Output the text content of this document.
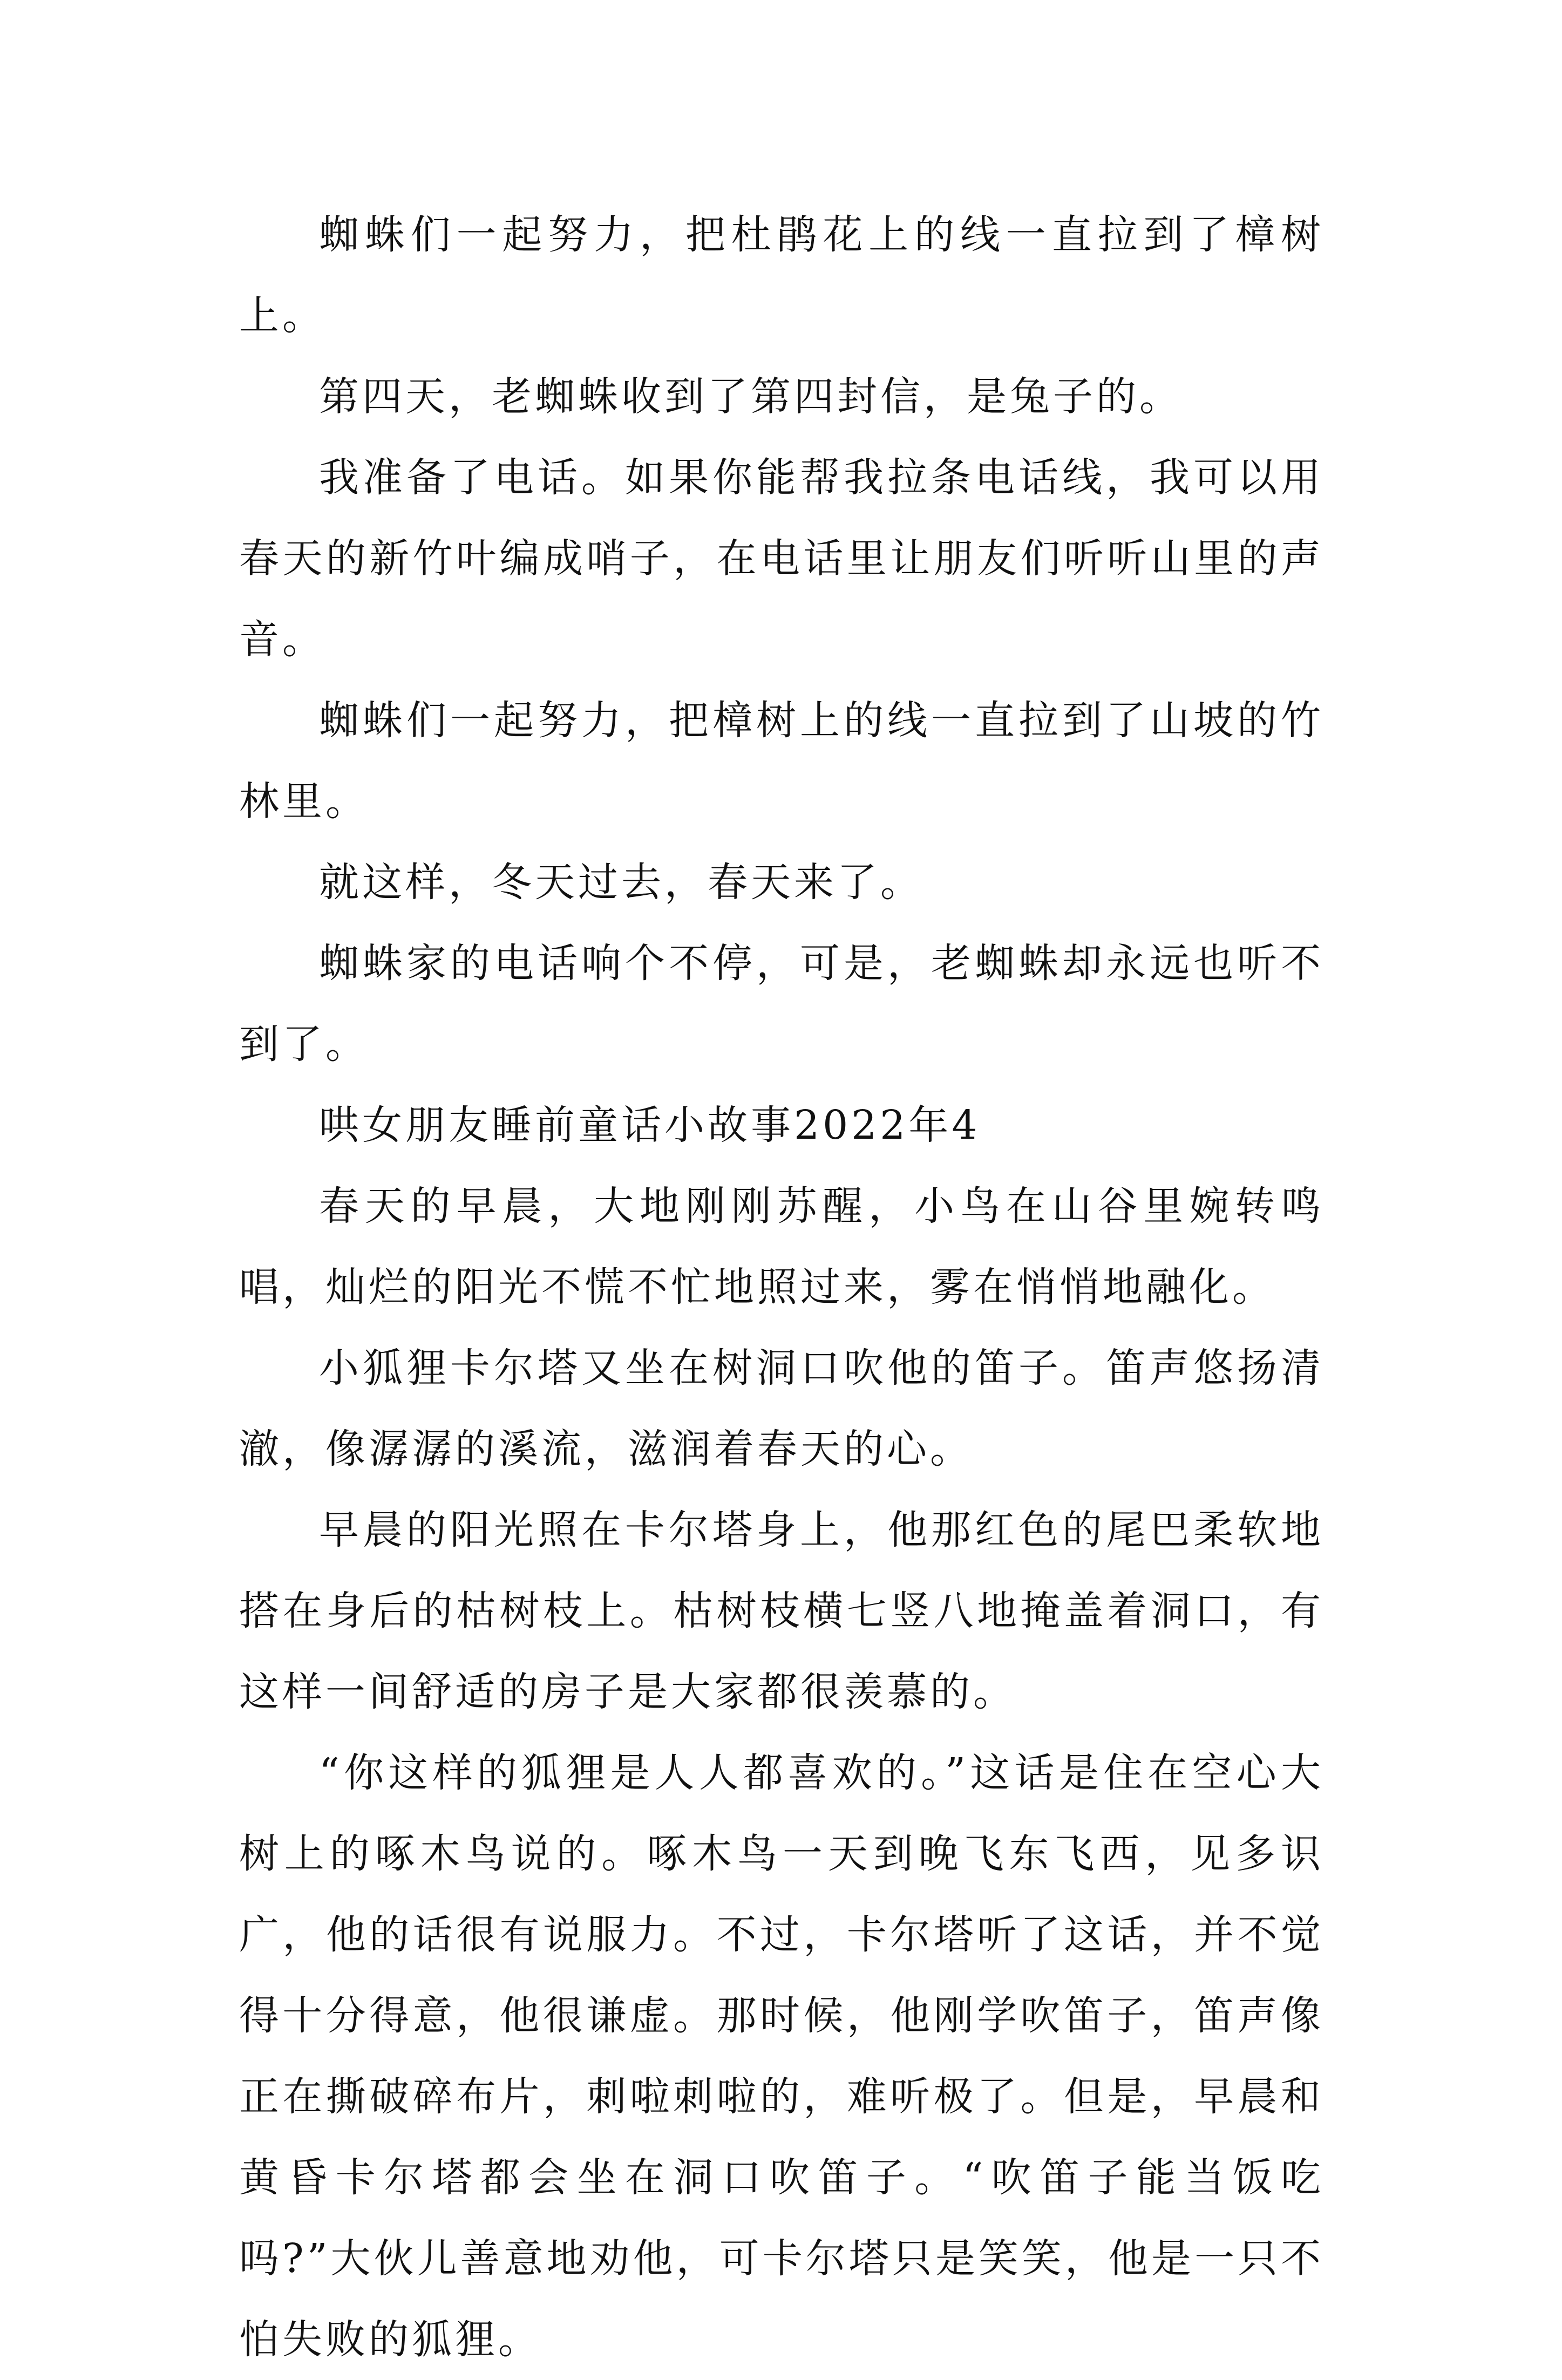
蜘蛛们一起努力，把杜鹃花上的线一直拉到了樟树上。

第四天，老蜘蛛收到了第四封信，是兔子的。

我准备了电话。如果你能帮我拉条电话线，我可以用春天的新竹叶编成哨子，在电话里让朋友们听听山里的声音。

蜘蛛们一起努力，把樟树上的线一直拉到了山坡的竹林里。

就这样，冬天过去，春天来了。

蜘蛛家的电话响个不停，可是，老蜘蛛却永远也听不到了。

哄女朋友睡前童话小故事2022年4

春天的早晨，大地刚刚苏醒，小鸟在山谷里婉转鸣唱，灿烂的阳光不慌不忙地照过来，雾在悄悄地融化。

小狐狸卡尔塔又坐在树洞口吹他的笛子。笛声悠扬清澈，像潺潺的溪流，滋润着春天的心。

早晨的阳光照在卡尔塔身上，他那红色的尾巴柔软地搭在身后的枯树枝上。枯树枝横七竖八地掩盖着洞口，有这样一间舒适的房子是大家都很羡慕的。

“你这样的狐狸是人人都喜欢的。”这话是住在空心大树上的啄木鸟说的。啄木鸟一天到晚飞东飞西，见多识广，他的话很有说服力。不过，卡尔塔听了这话，并不觉得十分得意，他很谦虚。那时候，他刚学吹笛子，笛声像正在撕破碎布片，刺啦刺啦的，难听极了。但是，早晨和黄昏卡尔塔都会坐在洞口吹笛子。“吹笛子能当饭吃吗?”大伙儿善意地劝他，可卡尔塔只是笑笑，他是一只不怕失败的狐狸。
